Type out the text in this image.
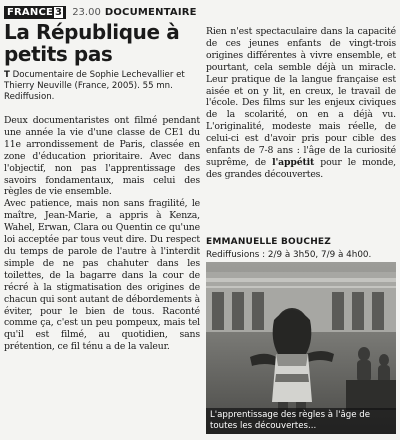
FRANCE 3	23.00 DOCUMENTAIRE
La République à petits pas
T Documentaire de Sophie Lechevallier et Thierry Neuville (France, 2005). 55 mn. Rediffusion.

Deux documentaristes ont filmé pendant une année la vie d'une classe de CE1 du 11e arrondissement de Paris, classée en zone d'éducation prioritaire. Avec dans l'objectif, non pas l'apprentissage des savoirs fondamentaux, mais celui des règles de vie ensemble.

Avec patience, mais non sans fragilité, le maître, Jean-Marie, a appris à Kenza, Wahel, Erwan, Clara ou Quentin ce qu'une loi acceptée par tous veut dire. Du respect du temps de parole de l'autre à l'interdit simple de ne pas chahuter dans les toilettes, de la bagarre dans la cour de récré à la stigmatisation des origines de chacun qui sont autant de débordements à éviter, pour le bien de tous. Raconté comme ça, c'est un peu pompeux, mais tel qu'il est filmé, au quotidien, sans prétention, ce fil ténu a de la valeur.

Rien n'est spectaculaire dans la capacité de ces jeunes enfants de vingt-trois origines différentes à vivre ensemble, et pourtant, cela semble déjà un miracle. Leur pratique de la langue française est aisée et on y lit, en creux, le travail de l'école. Des films sur les enjeux civiques de la scolarité, on en a déjà vu. L'originalité, modeste mais réelle, de celui-ci est d'avoir pris pour cible des enfants de 7-8 ans : l'âge de la curiosité suprême, de l'appétit pour le monde, des grandes découvertes.

EMMANUELLE BOUCHEZ
Rediffusions : 2/9 à 3h50, 7/9 à 4h00.
L'apprentissage des règles à l'âge de toutes les découvertes...
